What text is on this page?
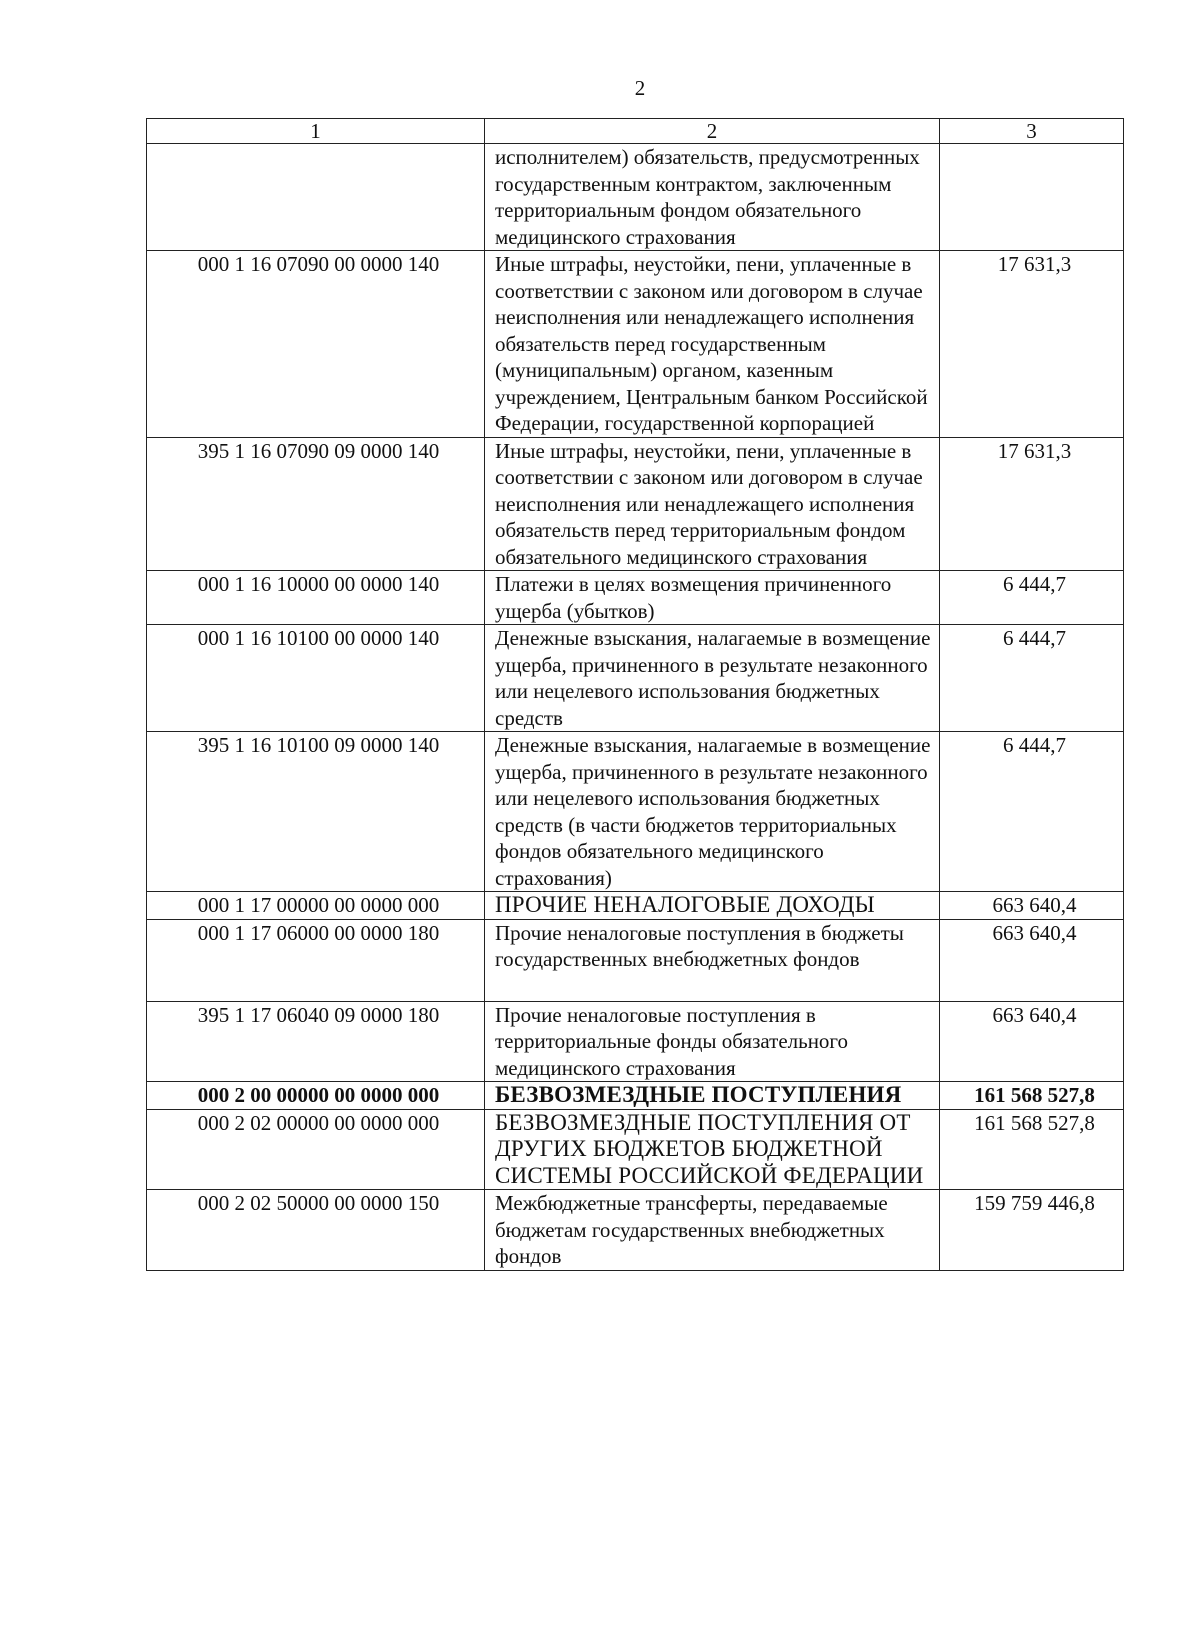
2
1	2	3
	исполнителем) обязательств, предусмотренных государственным контрактом, заключенным территориальным фондом обязательного медицинского страхования	
000 1 16 07090 00 0000 140	Иные штрафы, неустойки, пени, уплаченные в соответствии с законом или договором в случае неисполнения или ненадлежащего исполнения обязательств перед государственным (муниципальным) органом, казенным учреждением, Центральным банком Российской Федерации, государственной корпорацией	17 631,3
395 1 16 07090 09 0000 140	Иные штрафы, неустойки, пени, уплаченные в соответствии с законом или договором в случае неисполнения или ненадлежащего исполнения обязательств перед территориальным фондом обязательного медицинского страхования	17 631,3
000 1 16 10000 00 0000 140	Платежи в целях возмещения причиненного ущерба (убытков)	6 444,7
000 1 16 10100 00 0000 140	Денежные взыскания, налагаемые в возмещение ущерба, причиненного в результате незаконного или нецелевого использования бюджетных средств	6 444,7
395 1 16 10100 09 0000 140	Денежные взыскания, налагаемые в возмещение ущерба, причиненного в результате незаконного или нецелевого использования бюджетных средств (в части бюджетов территориальных фондов обязательного медицинского страхования)	6 444,7
000 1 17 00000 00 0000 000	ПРОЧИЕ НЕНАЛОГОВЫЕ ДОХОДЫ	663 640,4
000 1 17 06000 00 0000 180	Прочие неналоговые поступления в бюджеты государственных внебюджетных фондов	663 640,4
395 1 17 06040 09 0000 180	Прочие неналоговые поступления в территориальные фонды обязательного медицинского страхования	663 640,4
000 2 00 00000 00 0000 000	БЕЗВОЗМЕЗДНЫЕ ПОСТУПЛЕНИЯ	161 568 527,8
000 2 02 00000 00 0000 000	БЕЗВОЗМЕЗДНЫЕ ПОСТУПЛЕНИЯ ОТ ДРУГИХ БЮДЖЕТОВ БЮДЖЕТНОЙ СИСТЕМЫ РОССИЙСКОЙ ФЕДЕРАЦИИ	161 568 527,8
000 2 02 50000 00 0000 150	Межбюджетные трансферты, передаваемые бюджетам государственных внебюджетных фондов	159 759 446,8
